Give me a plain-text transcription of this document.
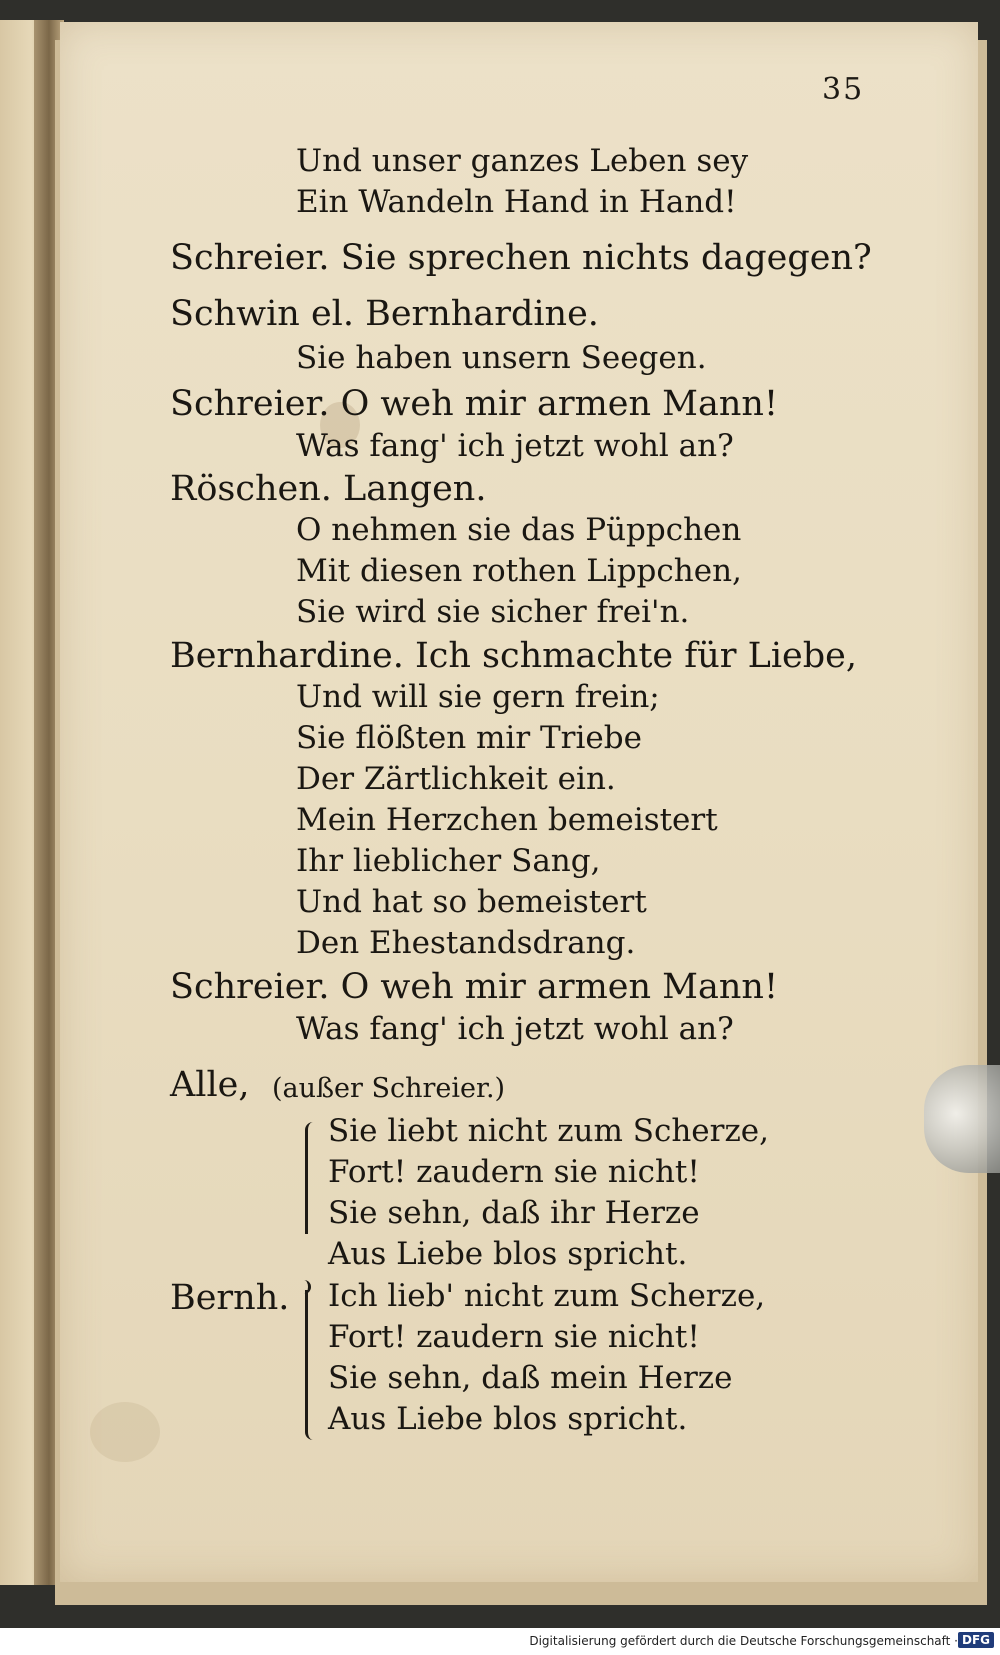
35
Und unser ganzes Leben sey
Ein Wandeln Hand in Hand!
Schreier. Sie sprechen nichts dagegen?
Schwin el. Bernhardine.
Sie haben unsern Seegen.
Schreier. O weh mir armen Mann!
Was fang' ich jetzt wohl an?
Röschen. Langen.
O nehmen sie das Püppchen
Mit diesen rothen Lippchen,
Sie wird sie sicher frei'n.
Bernhardine. Ich schmachte für Liebe,
Und will sie gern frein;
Sie flößten mir Triebe
Der Zärtlichkeit ein.
Mein Herzchen bemeistert
Ihr lieblicher Sang,
Und hat so bemeistert
Den Ehestandsdrang.
Schreier. O weh mir armen Mann!
Was fang' ich jetzt wohl an?
Alle, (außer Schreier.)
Sie liebt nicht zum Scherze,
Fort! zaudern sie nicht!
Sie sehn, daß ihr Herze
Aus Liebe blos spricht.
Bernh. Ich lieb' nicht zum Scherze,
Fort! zaudern sie nicht!
Sie sehn, daß mein Herze
Aus Liebe blos spricht.
Digitalisierung gefördert durch die Deutsche Forschungsgemeinschaft · DFG
